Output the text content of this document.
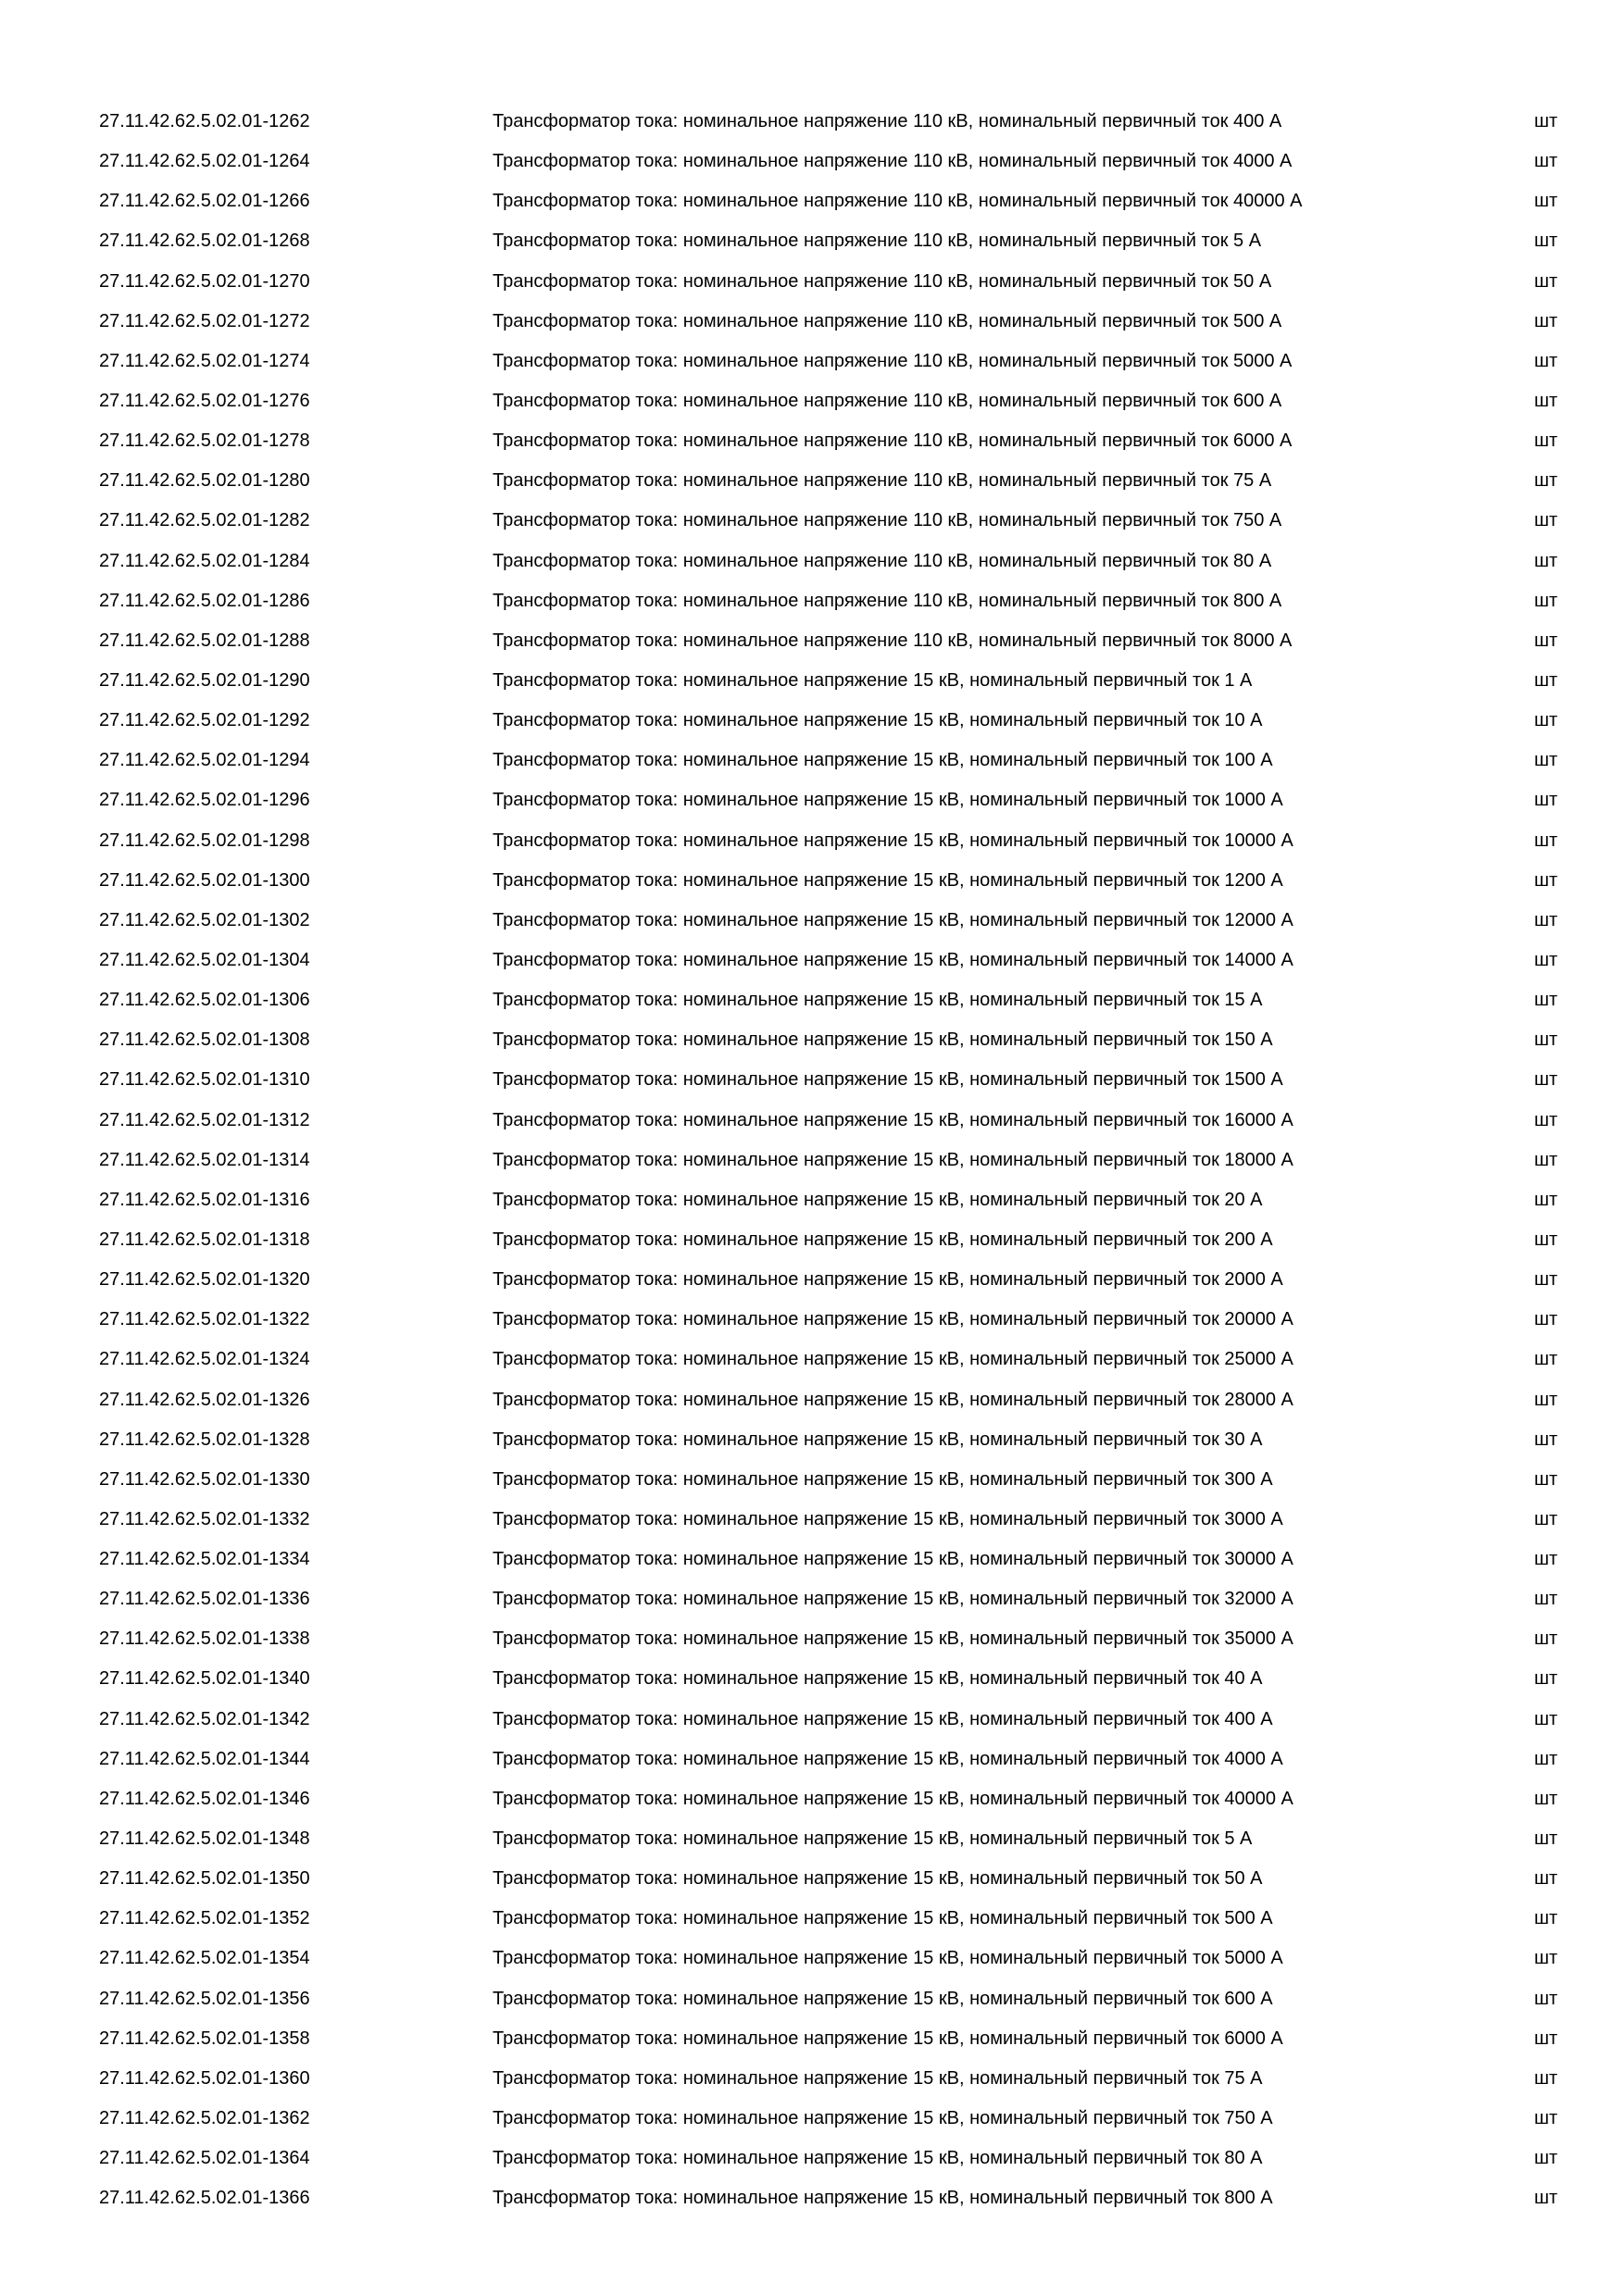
27.11.42.62.5.02.01-1262	Трансформатор тока: номинальное напряжение 110 кВ, номинальный первичный ток 400 А	шт
27.11.42.62.5.02.01-1264	Трансформатор тока: номинальное напряжение 110 кВ, номинальный первичный ток 4000 А	шт
27.11.42.62.5.02.01-1266	Трансформатор тока: номинальное напряжение 110 кВ, номинальный первичный ток 40000 А	шт
27.11.42.62.5.02.01-1268	Трансформатор тока: номинальное напряжение 110 кВ, номинальный первичный ток 5 А	шт
27.11.42.62.5.02.01-1270	Трансформатор тока: номинальное напряжение 110 кВ, номинальный первичный ток 50 А	шт
27.11.42.62.5.02.01-1272	Трансформатор тока: номинальное напряжение 110 кВ, номинальный первичный ток 500 А	шт
27.11.42.62.5.02.01-1274	Трансформатор тока: номинальное напряжение 110 кВ, номинальный первичный ток 5000 А	шт
27.11.42.62.5.02.01-1276	Трансформатор тока: номинальное напряжение 110 кВ, номинальный первичный ток 600 А	шт
27.11.42.62.5.02.01-1278	Трансформатор тока: номинальное напряжение 110 кВ, номинальный первичный ток 6000 А	шт
27.11.42.62.5.02.01-1280	Трансформатор тока: номинальное напряжение 110 кВ, номинальный первичный ток 75 А	шт
27.11.42.62.5.02.01-1282	Трансформатор тока: номинальное напряжение 110 кВ, номинальный первичный ток 750 А	шт
27.11.42.62.5.02.01-1284	Трансформатор тока: номинальное напряжение 110 кВ, номинальный первичный ток 80 А	шт
27.11.42.62.5.02.01-1286	Трансформатор тока: номинальное напряжение 110 кВ, номинальный первичный ток 800 А	шт
27.11.42.62.5.02.01-1288	Трансформатор тока: номинальное напряжение 110 кВ, номинальный первичный ток 8000 А	шт
27.11.42.62.5.02.01-1290	Трансформатор тока: номинальное напряжение 15 кВ, номинальный первичный ток 1 А	шт
27.11.42.62.5.02.01-1292	Трансформатор тока: номинальное напряжение 15 кВ, номинальный первичный ток 10 А	шт
27.11.42.62.5.02.01-1294	Трансформатор тока: номинальное напряжение 15 кВ, номинальный первичный ток 100 А	шт
27.11.42.62.5.02.01-1296	Трансформатор тока: номинальное напряжение 15 кВ, номинальный первичный ток 1000 А	шт
27.11.42.62.5.02.01-1298	Трансформатор тока: номинальное напряжение 15 кВ, номинальный первичный ток 10000 А	шт
27.11.42.62.5.02.01-1300	Трансформатор тока: номинальное напряжение 15 кВ, номинальный первичный ток 1200 А	шт
27.11.42.62.5.02.01-1302	Трансформатор тока: номинальное напряжение 15 кВ, номинальный первичный ток 12000 А	шт
27.11.42.62.5.02.01-1304	Трансформатор тока: номинальное напряжение 15 кВ, номинальный первичный ток 14000 А	шт
27.11.42.62.5.02.01-1306	Трансформатор тока: номинальное напряжение 15 кВ, номинальный первичный ток 15 А	шт
27.11.42.62.5.02.01-1308	Трансформатор тока: номинальное напряжение 15 кВ, номинальный первичный ток 150 А	шт
27.11.42.62.5.02.01-1310	Трансформатор тока: номинальное напряжение 15 кВ, номинальный первичный ток 1500 А	шт
27.11.42.62.5.02.01-1312	Трансформатор тока: номинальное напряжение 15 кВ, номинальный первичный ток 16000 А	шт
27.11.42.62.5.02.01-1314	Трансформатор тока: номинальное напряжение 15 кВ, номинальный первичный ток 18000 А	шт
27.11.42.62.5.02.01-1316	Трансформатор тока: номинальное напряжение 15 кВ, номинальный первичный ток 20 А	шт
27.11.42.62.5.02.01-1318	Трансформатор тока: номинальное напряжение 15 кВ, номинальный первичный ток 200 А	шт
27.11.42.62.5.02.01-1320	Трансформатор тока: номинальное напряжение 15 кВ, номинальный первичный ток 2000 А	шт
27.11.42.62.5.02.01-1322	Трансформатор тока: номинальное напряжение 15 кВ, номинальный первичный ток 20000 А	шт
27.11.42.62.5.02.01-1324	Трансформатор тока: номинальное напряжение 15 кВ, номинальный первичный ток 25000 А	шт
27.11.42.62.5.02.01-1326	Трансформатор тока: номинальное напряжение 15 кВ, номинальный первичный ток 28000 А	шт
27.11.42.62.5.02.01-1328	Трансформатор тока: номинальное напряжение 15 кВ, номинальный первичный ток 30 А	шт
27.11.42.62.5.02.01-1330	Трансформатор тока: номинальное напряжение 15 кВ, номинальный первичный ток 300 А	шт
27.11.42.62.5.02.01-1332	Трансформатор тока: номинальное напряжение 15 кВ, номинальный первичный ток 3000 А	шт
27.11.42.62.5.02.01-1334	Трансформатор тока: номинальное напряжение 15 кВ, номинальный первичный ток 30000 А	шт
27.11.42.62.5.02.01-1336	Трансформатор тока: номинальное напряжение 15 кВ, номинальный первичный ток 32000 А	шт
27.11.42.62.5.02.01-1338	Трансформатор тока: номинальное напряжение 15 кВ, номинальный первичный ток 35000 А	шт
27.11.42.62.5.02.01-1340	Трансформатор тока: номинальное напряжение 15 кВ, номинальный первичный ток 40 А	шт
27.11.42.62.5.02.01-1342	Трансформатор тока: номинальное напряжение 15 кВ, номинальный первичный ток 400 А	шт
27.11.42.62.5.02.01-1344	Трансформатор тока: номинальное напряжение 15 кВ, номинальный первичный ток 4000 А	шт
27.11.42.62.5.02.01-1346	Трансформатор тока: номинальное напряжение 15 кВ, номинальный первичный ток 40000 А	шт
27.11.42.62.5.02.01-1348	Трансформатор тока: номинальное напряжение 15 кВ, номинальный первичный ток 5 А	шт
27.11.42.62.5.02.01-1350	Трансформатор тока: номинальное напряжение 15 кВ, номинальный первичный ток 50 А	шт
27.11.42.62.5.02.01-1352	Трансформатор тока: номинальное напряжение 15 кВ, номинальный первичный ток 500 А	шт
27.11.42.62.5.02.01-1354	Трансформатор тока: номинальное напряжение 15 кВ, номинальный первичный ток 5000 А	шт
27.11.42.62.5.02.01-1356	Трансформатор тока: номинальное напряжение 15 кВ, номинальный первичный ток 600 А	шт
27.11.42.62.5.02.01-1358	Трансформатор тока: номинальное напряжение 15 кВ, номинальный первичный ток 6000 А	шт
27.11.42.62.5.02.01-1360	Трансформатор тока: номинальное напряжение 15 кВ, номинальный первичный ток 75 А	шт
27.11.42.62.5.02.01-1362	Трансформатор тока: номинальное напряжение 15 кВ, номинальный первичный ток 750 А	шт
27.11.42.62.5.02.01-1364	Трансформатор тока: номинальное напряжение 15 кВ, номинальный первичный ток 80 А	шт
27.11.42.62.5.02.01-1366	Трансформатор тока: номинальное напряжение 15 кВ, номинальный первичный ток 800 А	шт
